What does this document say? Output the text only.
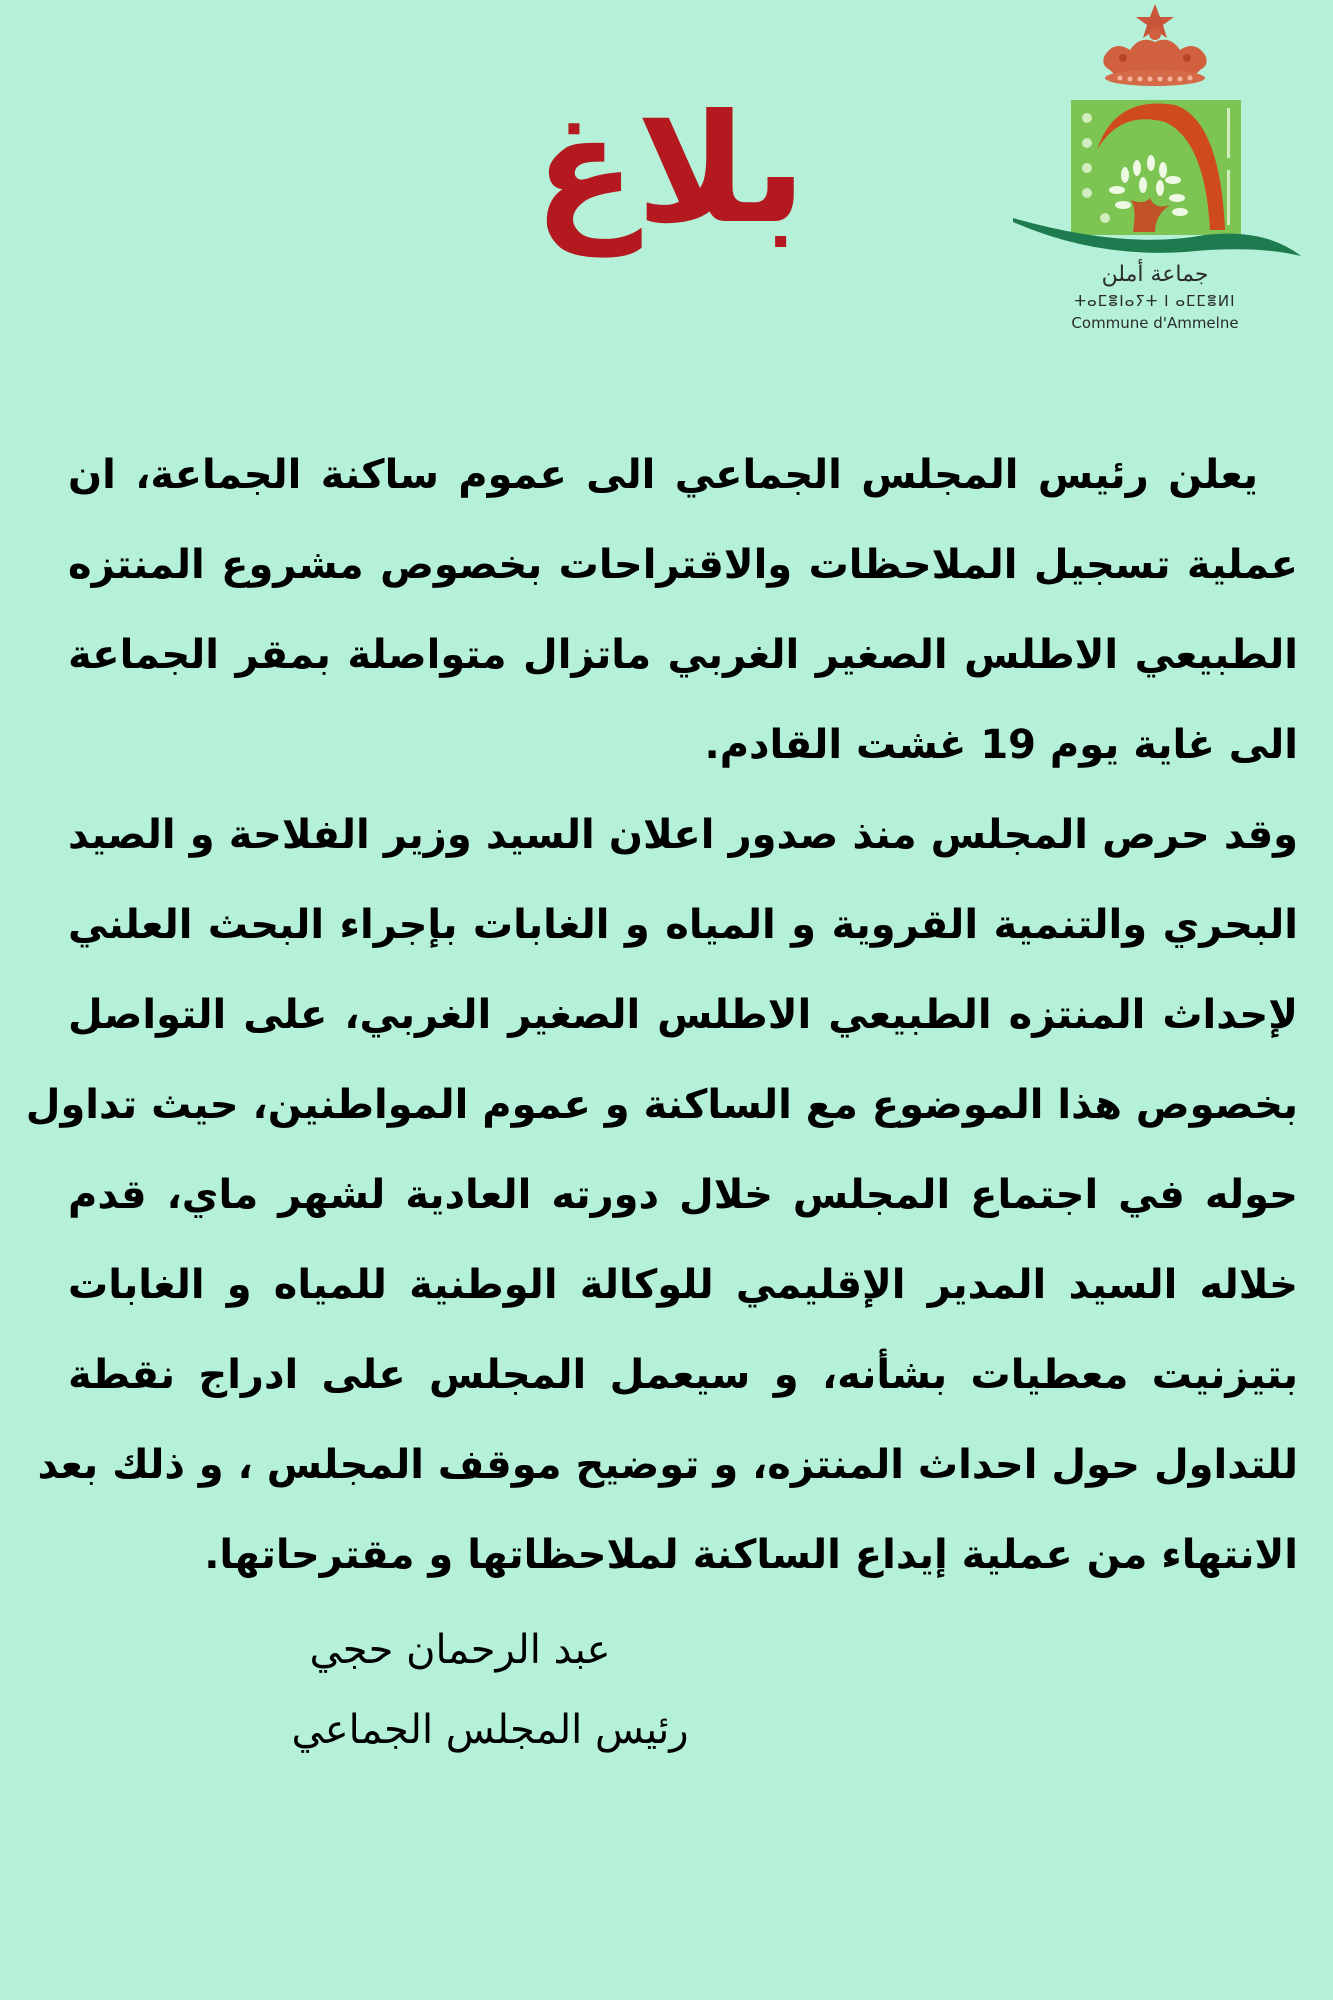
بلاغ
جماعة أملن
ⵜⴰⵎⴻⵏⴰⵢⵜ ⵏ ⴰⵎⵎⴻⵍⵏ
Commune d'Ammelne
يعلن رئيس المجلس الجماعي الى عموم ساكنة الجماعة، ان
عملية تسجيل الملاحظات والاقتراحات بخصوص مشروع المنتزه
الطبيعي الاطلس الصغير الغربي ماتزال متواصلة بمقر الجماعة
الى غاية يوم 19 غشت القادم.
وقد حرص المجلس منذ صدور اعلان السيد وزير الفلاحة و الصيد
البحري والتنمية القروية و المياه و الغابات بإجراء البحث العلني
لإحداث المنتزه الطبيعي الاطلس الصغير الغربي، على التواصل
بخصوص هذا الموضوع مع الساكنة و عموم المواطنين، حيث تداول
حوله في اجتماع المجلس خلال دورته العادية لشهر ماي، قدم
خلاله السيد المدير الإقليمي للوكالة الوطنية للمياه و الغابات
بتيزنيت معطيات بشأنه، و سيعمل المجلس على ادراج نقطة
للتداول حول احداث المنتزه، و توضيح موقف المجلس ، و ذلك بعد
الانتهاء من عملية إيداع الساكنة لملاحظاتها و مقترحاتها.
عبد الرحمان حجي
رئيس المجلس الجماعي
